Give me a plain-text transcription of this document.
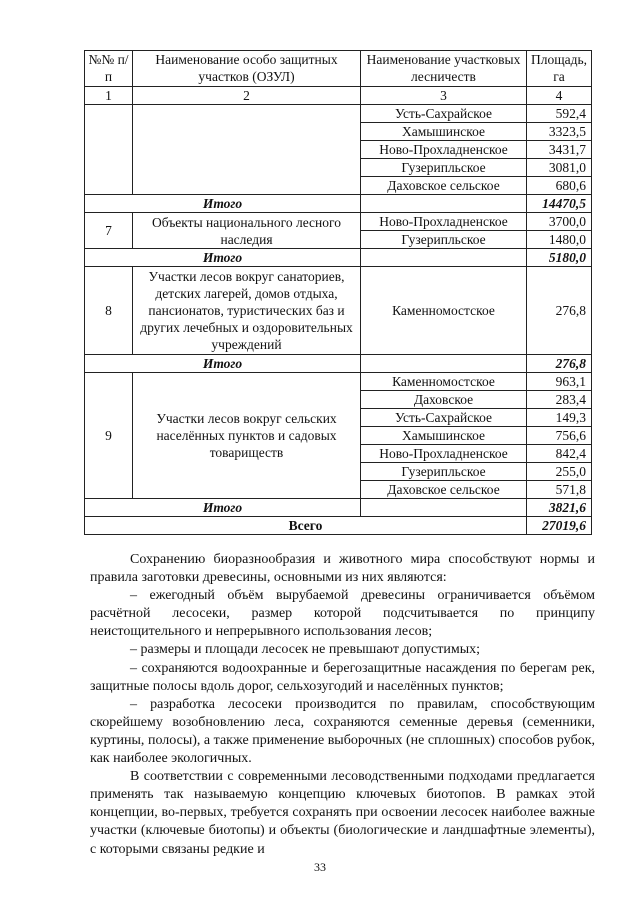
№№ п/п	Наименование особо защитных участков (ОЗУЛ)	Наименование участковых лесничеств	Площадь, га
1	2	3	4
		Усть-Сахрайское	592,4
		Хамышинское	3323,5
		Ново-Прохладненское	3431,7
		Гузерипльское	3081,0
		Даховское сельское	680,6
Итого			14470,5
7	Объекты национального лесного наследия	Ново-Прохладненское	3700,0
		Гузерипльское	1480,0
Итого			5180,0
8	Участки лесов вокруг санаториев, детских лагерей, домов отдыха, пансионатов, туристических баз и других лечебных и оздоровительных учреждений	Каменномостское	276,8
Итого			276,8
9	Участки лесов вокруг сельских населённых пунктов и садовых товариществ	Каменномостское	963,1
		Даховское	283,4
		Усть-Сахрайское	149,3
		Хамышинское	756,6
		Ново-Прохладненское	842,4
		Гузерипльское	255,0
		Даховское сельское	571,8
Итого			3821,6
Всего			27019,6

Сохранению биоразнообразия и животного мира способствуют нормы и правила заготовки древесины, основными из них являются:

– ежегодный объём вырубаемой древесины ограничивается объёмом расчётной лесосеки, размер которой подсчитывается по принципу неистощительного и непрерывного использования лесов;

– размеры и площади лесосек не превышают допустимых;

– сохраняются водоохранные и берегозащитные насаждения по берегам рек, защитные полосы вдоль дорог, сельхозугодий и населённых пунктов;

– разработка лесосеки производится по правилам, способствующим скорейшему возобновлению леса, сохраняются семенные деревья (семенники, куртины, полосы), а также применение выборочных (не сплошных) способов рубок, как наиболее экологичных.

В соответствии с современными лесоводственными подходами предлагается применять так называемую концепцию ключевых биотопов. В рамках этой концепции, во-первых, требуется сохранять при освоении лесосек наиболее важные участки (ключевые биотопы) и объекты (биологические и ландшафтные элементы), с которыми связаны редкие и

33
